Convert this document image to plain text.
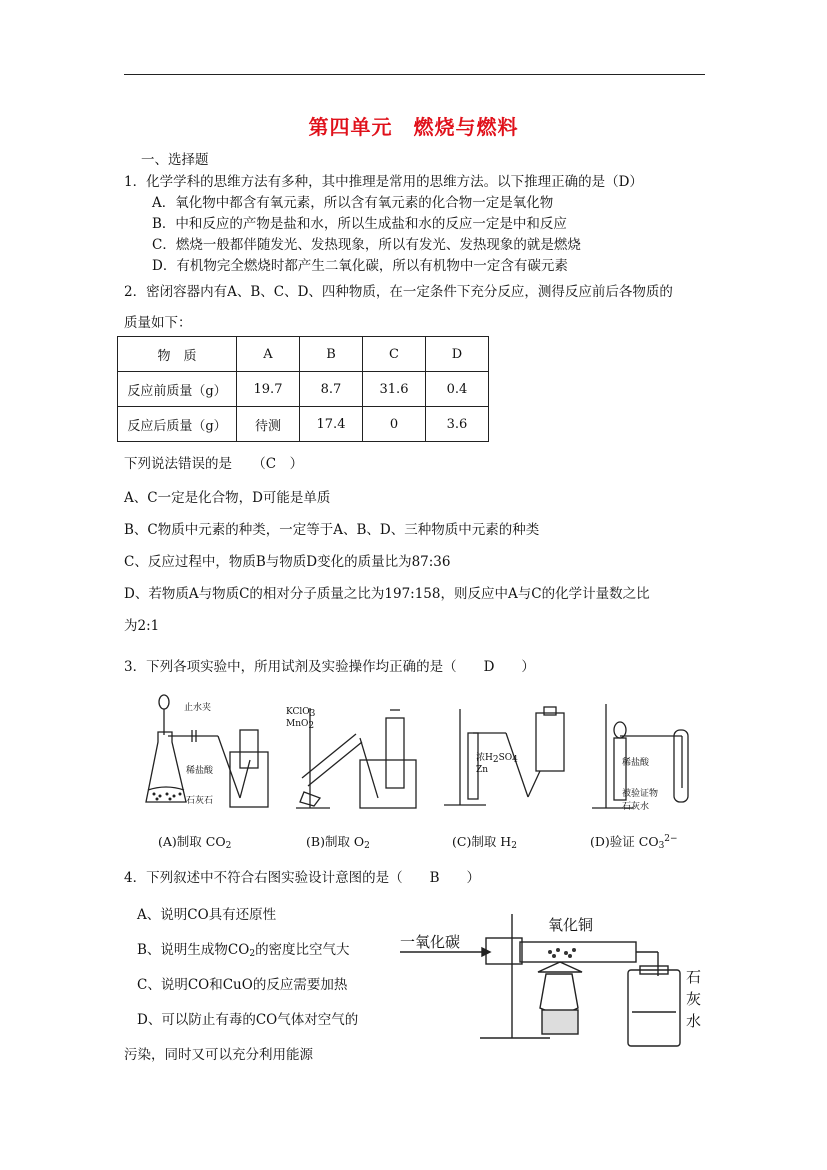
第四单元　燃烧与燃料
一、选择题
1．化学学科的思维方法有多种，其中推理是常用的思维方法。以下推理正确的是（D）
A．氧化物中都含有氧元素，所以含有氧元素的化合物一定是氧化物
B．中和反应的产物是盐和水，所以生成盐和水的反应一定是中和反应
C．燃烧一般都伴随发光、发热现象，所以有发光、发热现象的就是燃烧
D．有机物完全燃烧时都产生二氧化碳，所以有机物中一定含有碳元素
2．密闭容器内有A、B、C、D、四种物质，在一定条件下充分反应，测得反应前后各物质的
质量如下：
物　质	A	B	C	D
反应前质量（g）	19.7	8.7	31.6	0.4
反应后质量（g）	待测	17.4	0	3.6
下列说法错误的是　　（C　）
A、C一定是化合物，D可能是单质
B、C物质中元素的种类，一定等于A、B、D、三种物质中元素的种类
C、反应过程中，物质B与物质D变化的质量比为87:36
D、若物质A与物质C的相对分子质量之比为197:158，则反应中A与C的化学计量数之比
为2:1
3．下列各项实验中，所用试剂及实验操作均正确的是（　　D　　）
止水夹
稀盐酸
石灰石
(A)制取 $CO_2$
KClO3
MnO2
(B)制取 $O_2$
浓H2SO4
Zn
(C)制取 $H_2$
稀盐酸
被验证物
石灰水
(D)验证 $CO_3^{2-}$
4．下列叙述中不符合右图实验设计意图的是（　　B　　）
A、说明CO具有还原性
B、说明生成物$CO_2$的密度比空气大
C、说明CO和CuO的反应需要加热
D、可以防止有毒的CO气体对空气的
污染，同时又可以充分利用能源
一氧化碳
氧化铜
石
灰
水
